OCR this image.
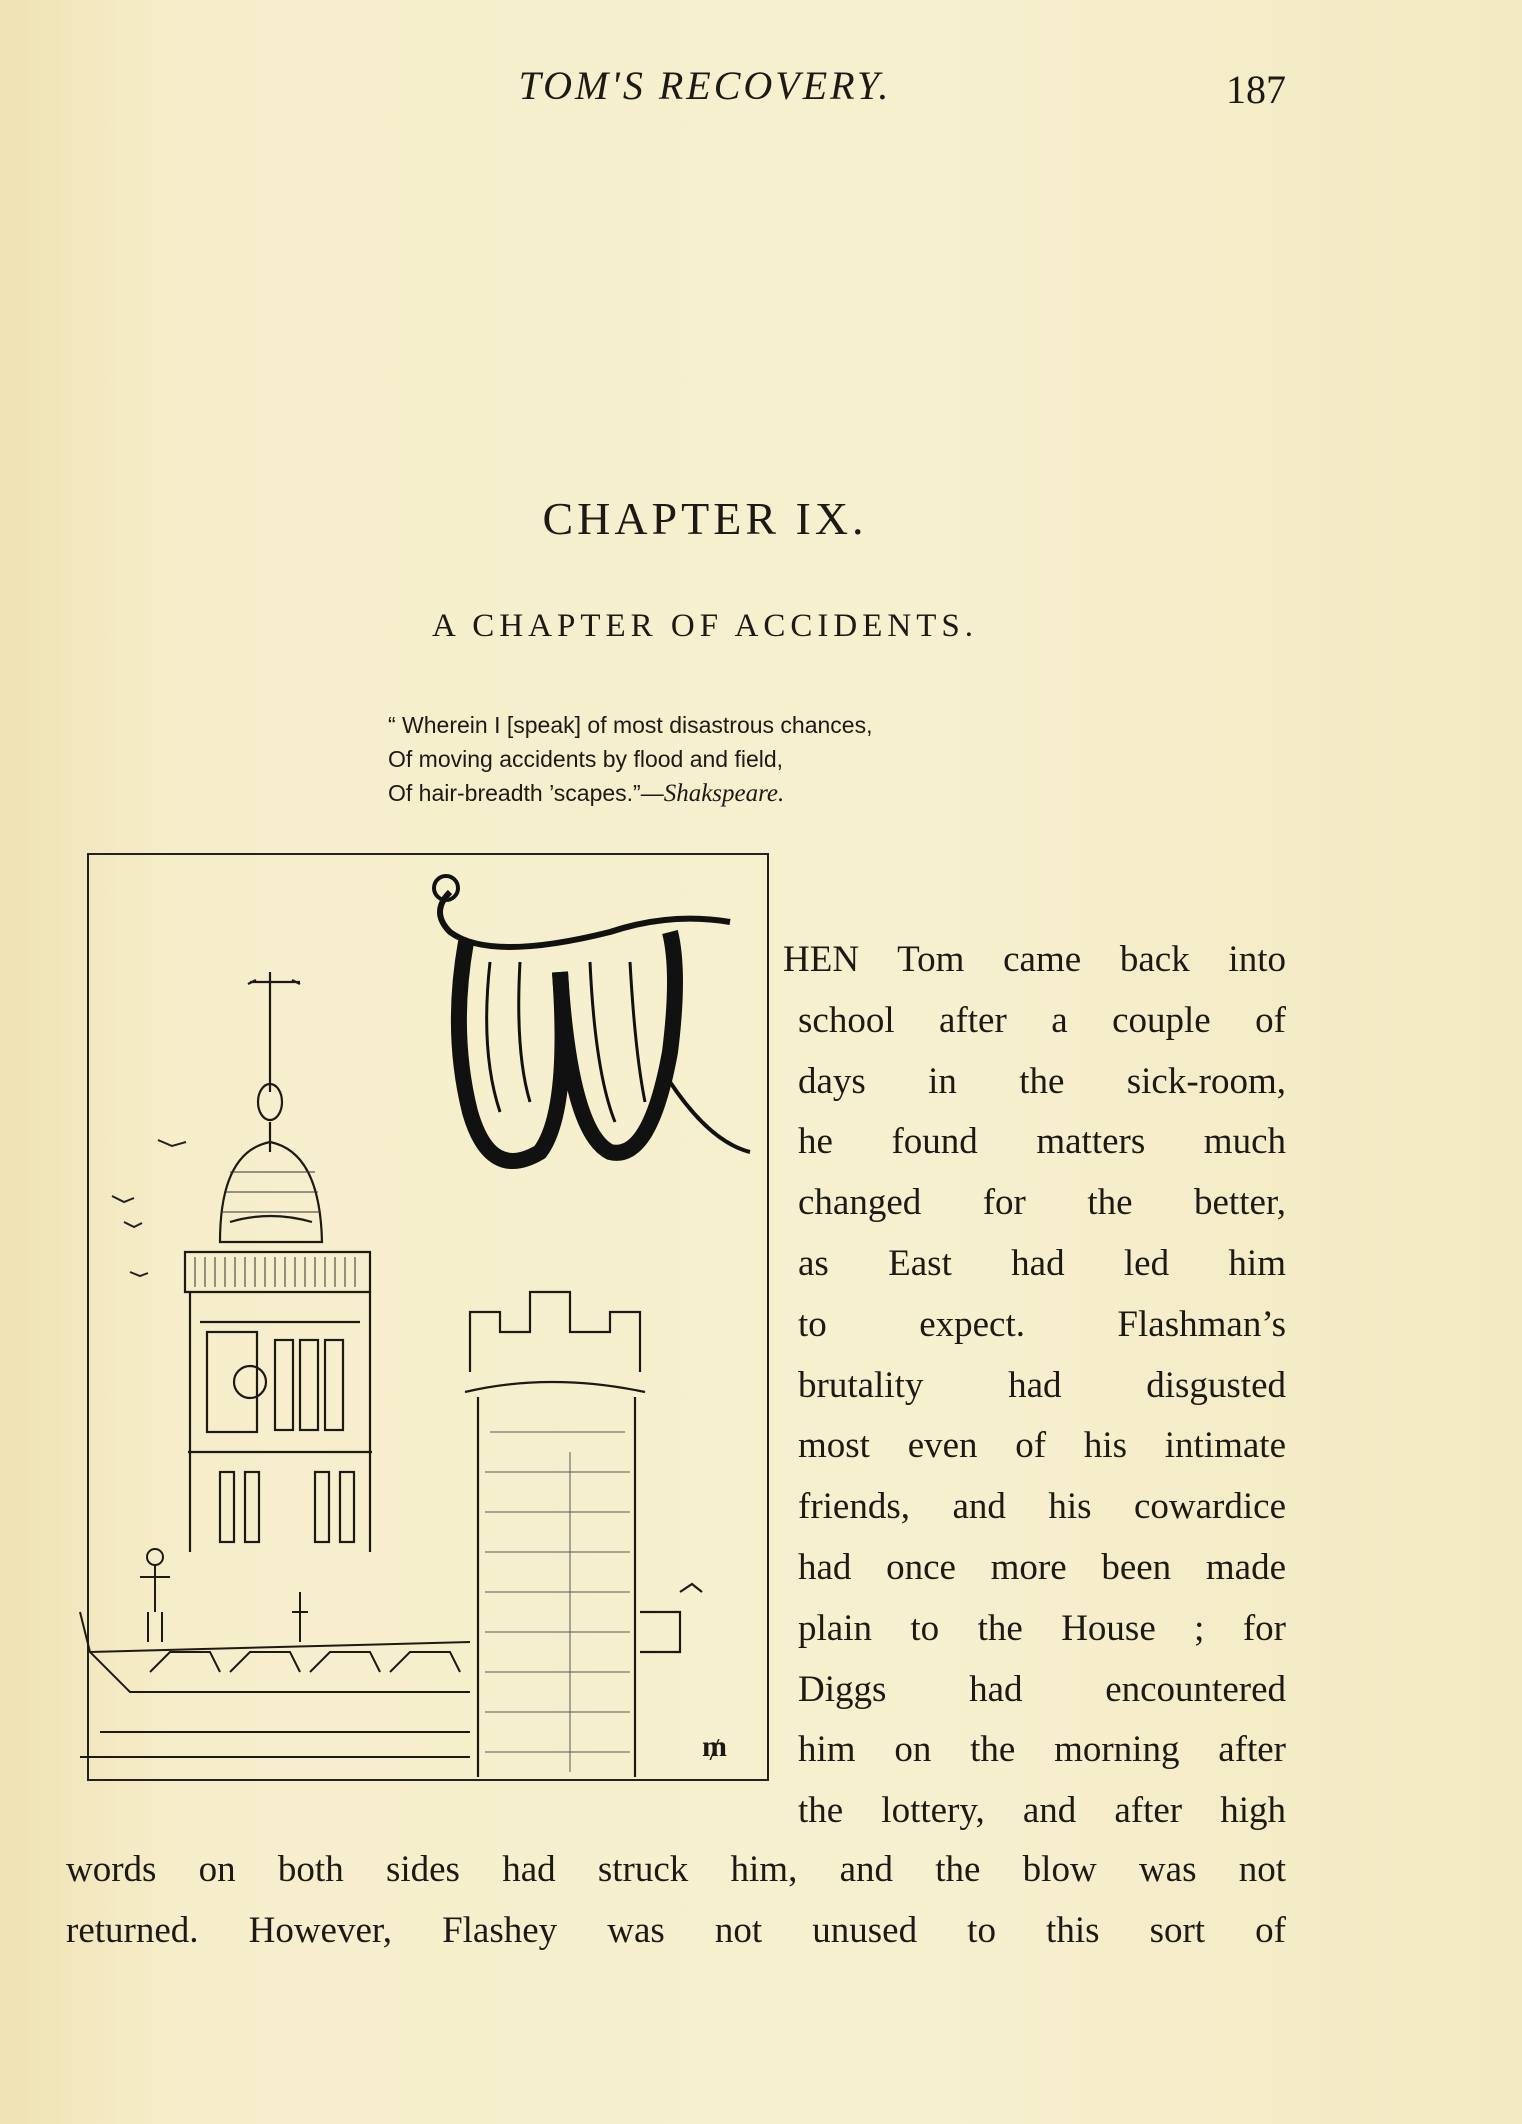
TOM'S RECOVERY.	187
CHAPTER IX.
A CHAPTER OF ACCIDENTS.
“ Wherein I [speak] of most disastrous chances,
Of moving accidents by flood and field,
Of hair-breadth ’scapes.”—Shakspeare.
₥
HEN Tom came back into
school after a couple of
days in the sick-room,
he found matters much
changed for the better,
as East had led him
to expect. Flashman’s
brutality had disgusted
most even of his intimate
friends, and his cowardice
had once more been made
plain to the House ; for
Diggs had encountered
him on the morning after
the lottery, and after high
words on both sides had struck him, and the blow was not
returned. However, Flashey was not unused to this sort of
